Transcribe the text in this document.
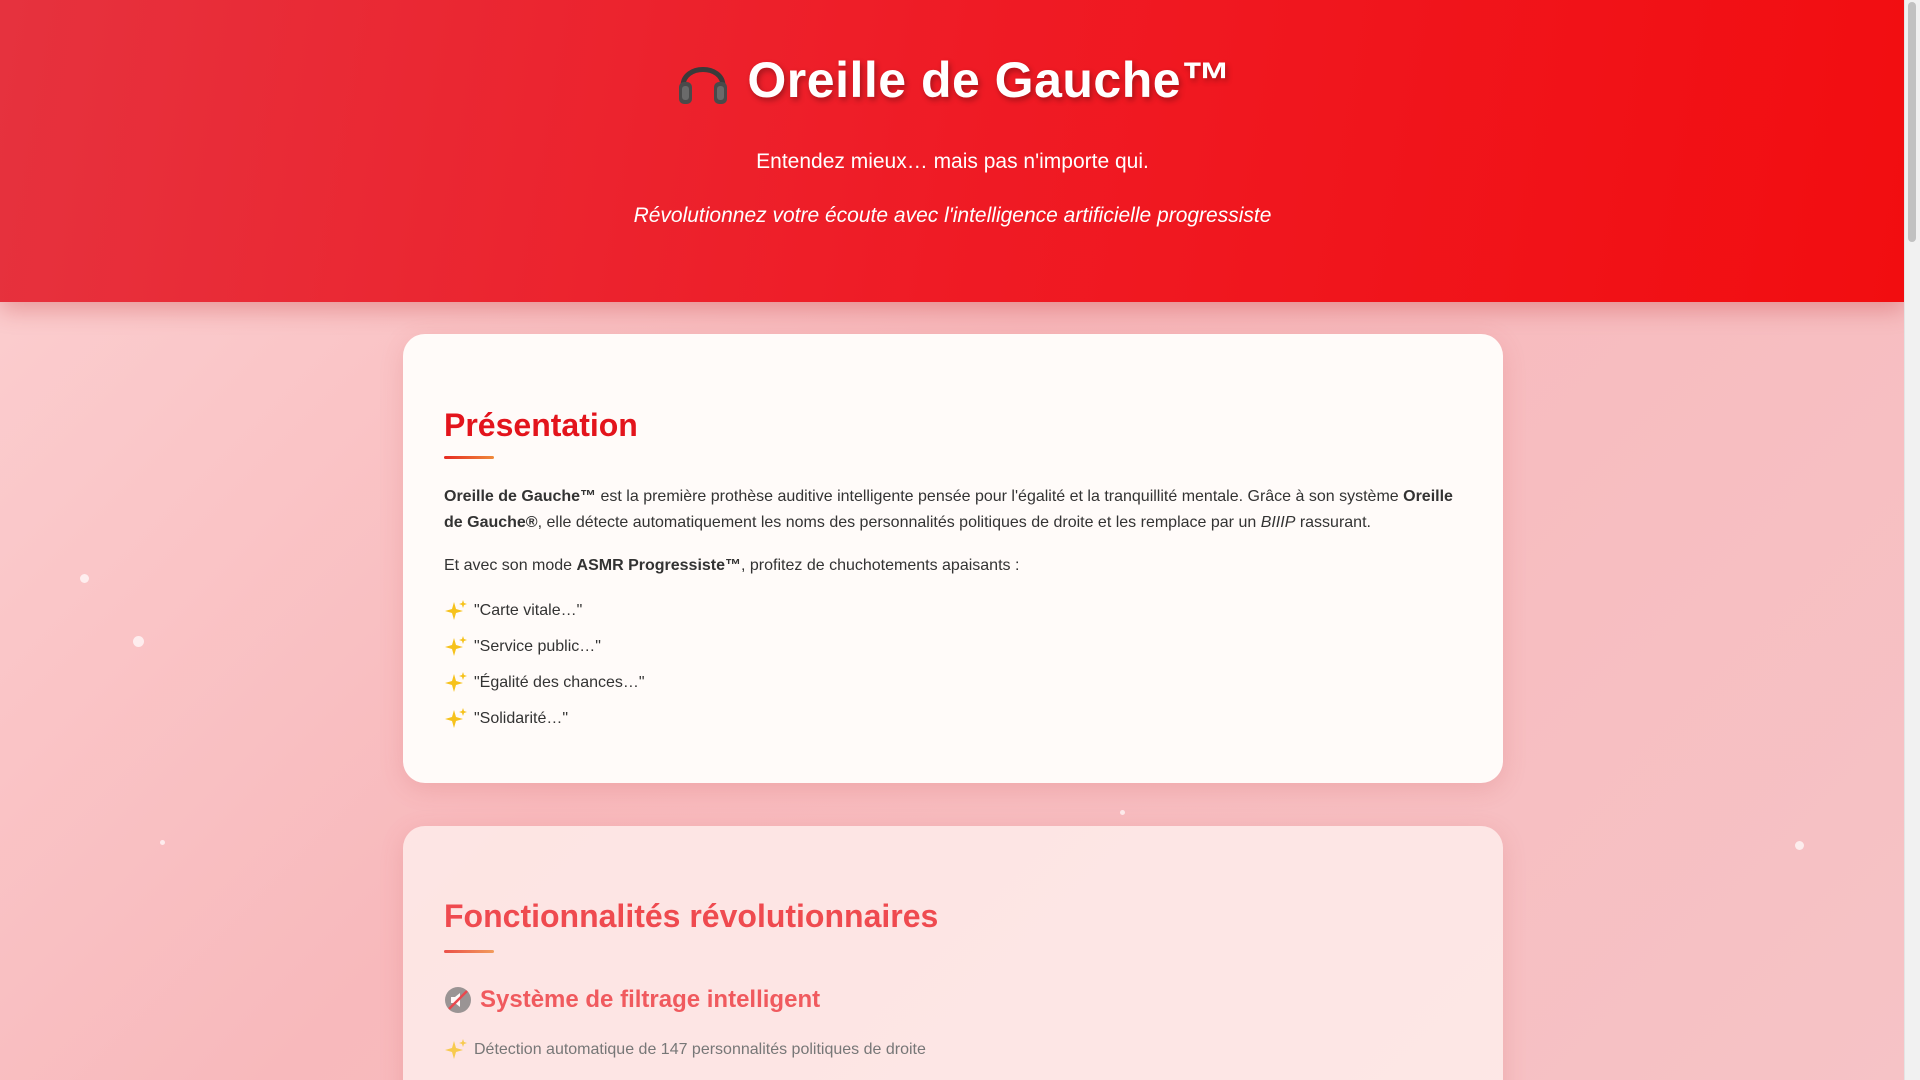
Oreille de Gauche™
Entendez mieux… mais pas n'importe qui.
Révolutionnez votre écoute avec l'intelligence artificielle progressiste
Présentation

Oreille de Gauche™ est la première prothèse auditive intelligente pensée pour l'égalité et la tranquillité mentale. Grâce à son système Oreille de Gauche®, elle détecte automatiquement les noms des personnalités politiques de droite et les remplace par un BIIIP rassurant.

Et avec son mode ASMR Progressiste™, profitez de chuchotements apaisants :

"Carte vitale…"
"Service public…"
"Égalité des chances…"
"Solidarité…"
Fonctionnalités révolutionnaires
Système de filtrage intelligent
Détection automatique de 147 personnalités politiques de droite
